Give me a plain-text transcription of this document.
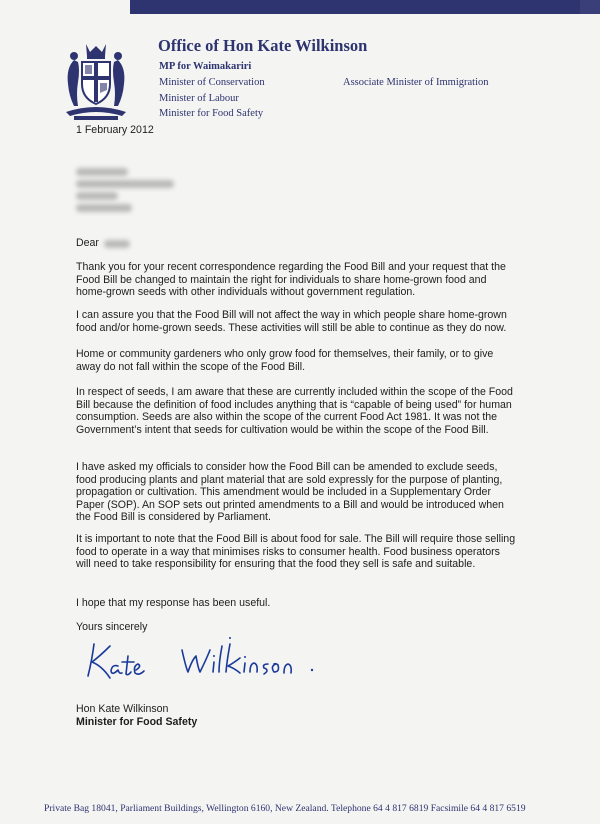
Office of Hon Kate Wilkinson
MP for Waimakariri
Minister of Conservation
Minister of Labour
Minister for Food Safety
Associate Minister of Immigration
1 February 2012
Dear
Thank you for your recent correspondence regarding the Food Bill and your request that the Food Bill be changed to maintain the right for individuals to share home-grown food and home-grown seeds with other individuals without government regulation.
I can assure you that the Food Bill will not affect the way in which people share home-grown food and/or home-grown seeds. These activities will still be able to continue as they do now.
Home or community gardeners who only grow food for themselves, their family, or to give away do not fall within the scope of the Food Bill.
In respect of seeds, I am aware that these are currently included within the scope of the Food Bill because the definition of food includes anything that is “capable of being used” for human consumption. Seeds are also within the scope of the current Food Act 1981. It was not the Government’s intent that seeds for cultivation would be within the scope of the Food Bill.
I have asked my officials to consider how the Food Bill can be amended to exclude seeds, food producing plants and plant material that are sold expressly for the purpose of planting, propagation or cultivation. This amendment would be included in a Supplementary Order Paper (SOP). An SOP sets out printed amendments to a Bill and would be introduced when the Food Bill is considered by Parliament.
It is important to note that the Food Bill is about food for sale. The Bill will require those selling food to operate in a way that minimises risks to consumer health. Food business operators will need to take responsibility for ensuring that the food they sell is safe and suitable.
I hope that my response has been useful.
Yours sincerely
Hon Kate Wilkinson
Minister for Food Safety
Private Bag 18041, Parliament Buildings, Wellington 6160, New Zealand. Telephone 64 4 817 6819 Facsimile 64 4 817 6519
